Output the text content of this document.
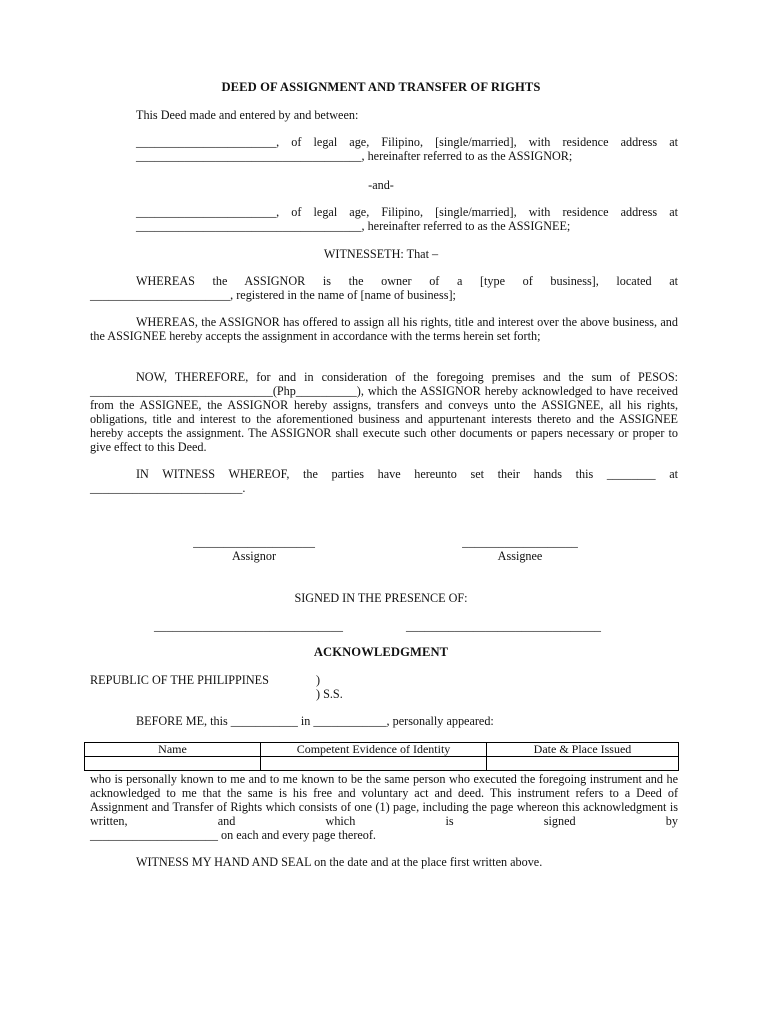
DEED OF ASSIGNMENT AND TRANSFER OF RIGHTS
This Deed made and entered by and between:
_______________________, of legal age, Filipino, [single/married], with residence address at
_____________________________________, hereinafter referred to as the ASSIGNOR;
-and-
_______________________, of legal age, Filipino, [single/married], with residence address at
_____________________________________, hereinafter referred to as the ASSIGNEE;
WITNESSETH: That –
WHEREAS the ASSIGNOR is the owner of a [type of business], located at
_______________________, registered in the name of [name of business];
WHEREAS, the ASSIGNOR has offered to assign all his rights, title and interest over the above business, and the ASSIGNEE hereby accepts the assignment in accordance with the terms herein set forth;
NOW, THEREFORE, for and in consideration of the foregoing premises and the sum of PESOS:
______________________________(Php__________), which the ASSIGNOR hereby acknowledged to have received from the ASSIGNEE, the ASSIGNOR hereby assigns, transfers and conveys unto the ASSIGNEE, all his rights, obligations, title and interest to the aforementioned business and appurtenant interests thereto and the ASSIGNEE hereby accepts the assignment. The ASSIGNOR shall execute such other documents or papers necessary or proper to give effect to this Deed.
IN WITNESS WHEREOF, the parties have hereunto set their hands this ________ at
_________________________.
____________________
Assignor
___________________
Assignee
SIGNED IN THE PRESENCE OF:
_______________________________	________________________________
ACKNOWLEDGMENT
REPUBLIC OF THE PHILIPPINES	)
) S.S.
BEFORE ME, this ___________ in ____________, personally appeared:
Name	Competent Evidence of Identity	Date & Place Issued

who is personally known to me and to me known to be the same person who executed the foregoing instrument and he acknowledged to me that the same is his free and voluntary act and deed. This instrument refers to a Deed of Assignment and Transfer of Rights which consists of one (1) page, including the page whereon this acknowledgment is written, and which is signed by
_____________________ on each and every page thereof.
WITNESS MY HAND AND SEAL on the date and at the place first written above.
